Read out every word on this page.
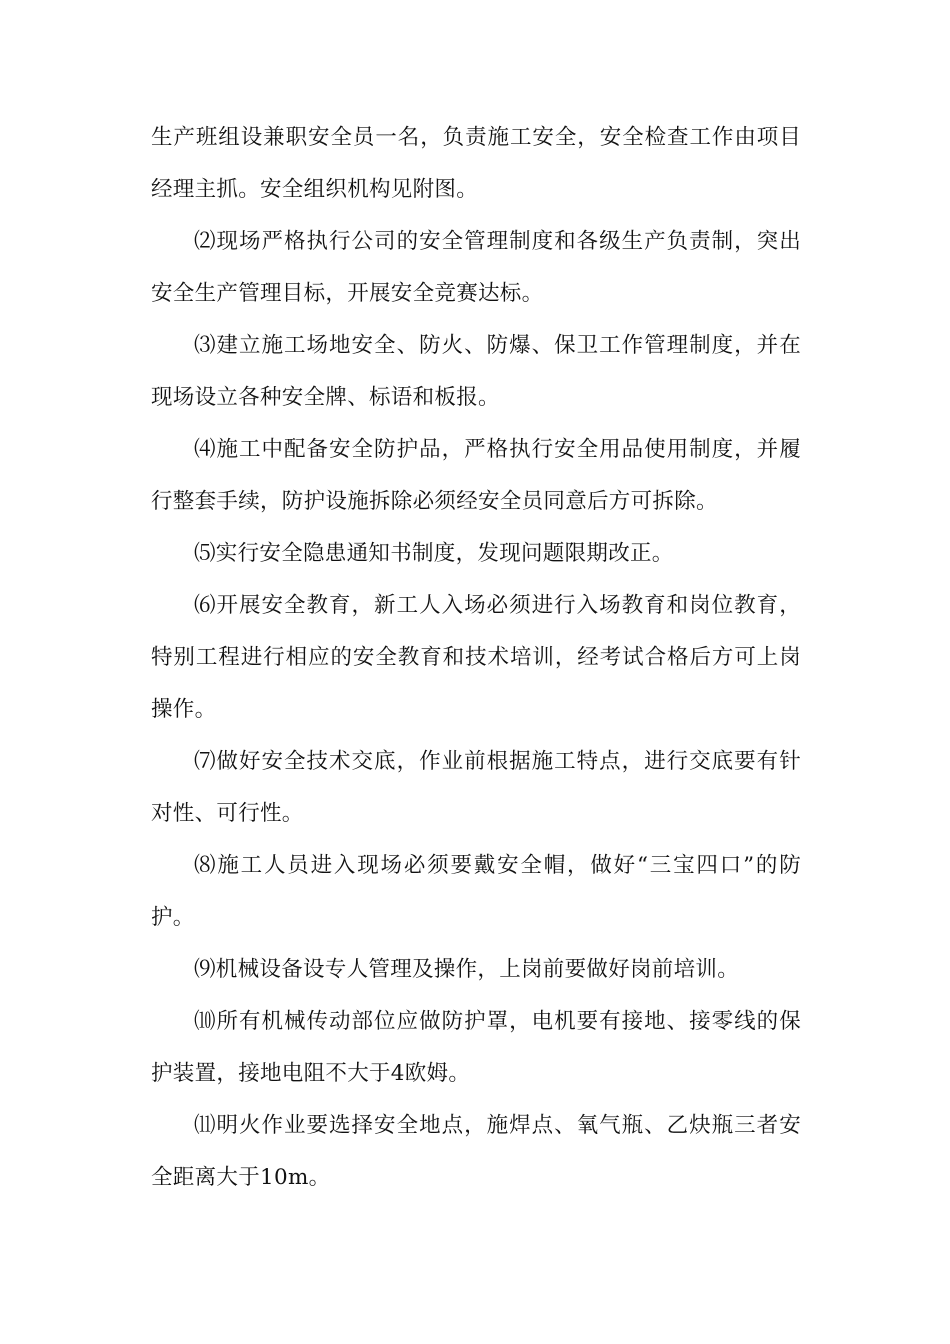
生产班组设兼职安全员一名，负责施工安全，安全检查工作由项目经理主抓。安全组织机构见附图。

⑵现场严格执行公司的安全管理制度和各级生产负责制，突出安全生产管理目标，开展安全竞赛达标。

⑶建立施工场地安全、防火、防爆、保卫工作管理制度，并在现场设立各种安全牌、标语和板报。

⑷施工中配备安全防护品，严格执行安全用品使用制度，并履行整套手续，防护设施拆除必须经安全员同意后方可拆除。

⑸实行安全隐患通知书制度，发现问题限期改正。

⑹开展安全教育，新工人入场必须进行入场教育和岗位教育，特别工程进行相应的安全教育和技术培训，经考试合格后方可上岗操作。

⑺做好安全技术交底，作业前根据施工特点，进行交底要有针对性、可行性。

⑻施工人员进入现场必须要戴安全帽，做好“三宝四口”的防护。

⑼机械设备设专人管理及操作，上岗前要做好岗前培训。

⑽所有机械传动部位应做防护罩，电机要有接地、接零线的保护装置，接地电阻不大于4欧姆。

⑾明火作业要选择安全地点，施焊点、氧气瓶、乙炔瓶三者安全距离大于10m。
